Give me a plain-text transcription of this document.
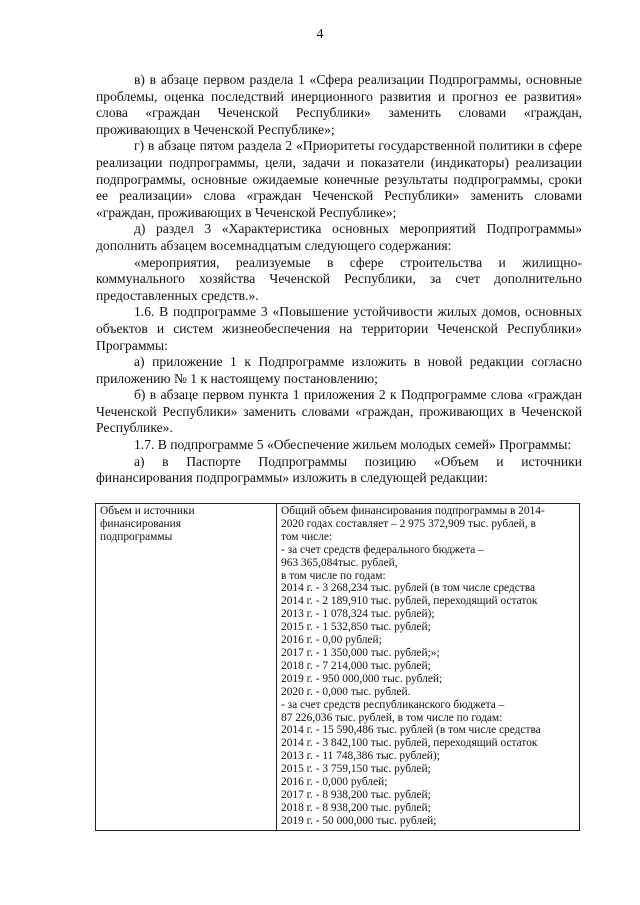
4

в) в абзаце первом раздела 1 «Сфера реализации Подпрограммы, основные проблемы, оценка последствий инерционного развития и прогноз ее развития» слова «граждан Чеченской Республики» заменить словами «граждан, проживающих в Чеченской Республике»;

г) в абзаце пятом раздела 2 «Приоритеты государственной политики в сфере реализации подпрограммы, цели, задачи и показатели (индикаторы) реализации подпрограммы, основные ожидаемые конечные результаты подпрограммы, сроки ее реализации» слова «граждан Чеченской Республики» заменить словами «граждан, проживающих в Чеченской Республике»;

д) раздел 3 «Характеристика основных мероприятий Подпрограммы» дополнить абзацем восемнадцатым следующего содержания:

«мероприятия, реализуемые в сфере строительства и жилищно-коммунального хозяйства Чеченской Республики, за счет дополнительно предоставленных средств.».

1.6. В подпрограмме 3 «Повышение устойчивости жилых домов, основных объектов и систем жизнеобеспечения на территории Чеченской Республики» Программы:

а) приложение 1 к Подпрограмме изложить в новой редакции согласно приложению № 1 к настоящему постановлению;

б) в абзаце первом пункта 1 приложения 2 к Подпрограмме слова «граждан Чеченской Республики» заменить словами «граждан, проживающих в Чеченской Республике».

1.7. В подпрограмме 5 «Обеспечение жильем молодых семей» Программы:

а) в Паспорте Подпрограммы позицию «Объем и источники финансирования подпрограммы» изложить в следующей редакции:

Объем и источники
финансирования
подпрограммы

Общий объем финансирования подпрограммы в 2014-
2020 годах составляет – 2 975 372,909 тыс. рублей, в
том числе:
- за счет средств федерального бюджета –
963 365,084тыс. рублей,
в том числе по годам:
2014 г. - 3 268,234 тыс. рублей (в том числе средства
2014 г. - 2 189,910 тыс. рублей, переходящий остаток
2013 г. - 1 078,324 тыс. рублей);
2015 г. - 1 532,850 тыс. рублей;
2016 г. - 0,00 рублей;
2017 г. - 1 350,000 тыс. рублей;»;
2018 г. - 7 214,000 тыс. рублей;
2019 г. - 950 000,000 тыс. рублей;
2020 г. - 0,000 тыс. рублей.
- за счет средств республиканского бюджета –
87 226,036 тыс. рублей, в том числе по годам:
2014 г. - 15 590,486 тыс. рублей (в том числе средства
2014 г. - 3 842,100 тыс. рублей, переходящий остаток
2013 г. - 11 748,386 тыс. рублей);
2015 г. - 3 759,150 тыс. рублей;
2016 г. - 0,000 рублей;
2017 г. - 8 938,200 тыс. рублей;
2018 г. - 8 938,200 тыс. рублей;
2019 г. - 50 000,000 тыс. рублей;
